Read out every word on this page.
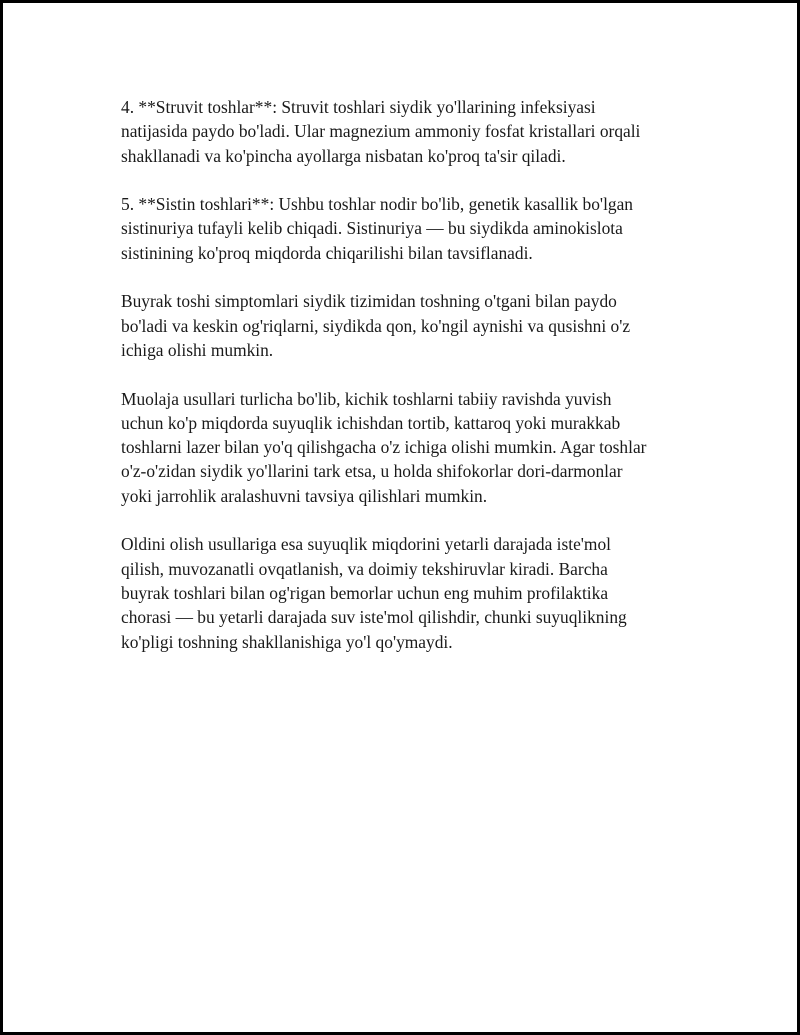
4. **Struvit toshlar**: Struvit toshlari siydik yo'llarining infeksiyasi
natijasida paydo bo'ladi. Ular magnezium ammoniy fosfat kristallari orqali
shakllanadi va ko'pincha ayollarga nisbatan ko'proq ta'sir qiladi.

5. **Sistin toshlari**: Ushbu toshlar nodir bo'lib, genetik kasallik bo'lgan
sistinuriya tufayli kelib chiqadi. Sistinuriya — bu siydikda aminokislota
sistinining ko'proq miqdorda chiqarilishi bilan tavsiflanadi.

Buyrak toshi simptomlari siydik tizimidan toshning o'tgani bilan paydo
bo'ladi va keskin og'riqlarni, siydikda qon, ko'ngil aynishi va qusishni o'z
ichiga olishi mumkin.

Muolaja usullari turlicha bo'lib, kichik toshlarni tabiiy ravishda yuvish
uchun ko'p miqdorda suyuqlik ichishdan tortib, kattaroq yoki murakkab
toshlarni lazer bilan yo'q qilishgacha o'z ichiga olishi mumkin. Agar toshlar
o'z-o'zidan siydik yo'llarini tark etsa, u holda shifokorlar dori-darmonlar
yoki jarrohlik aralashuvni tavsiya qilishlari mumkin.

Oldini olish usullariga esa suyuqlik miqdorini yetarli darajada iste'mol
qilish, muvozanatli ovqatlanish, va doimiy tekshiruvlar kiradi. Barcha
buyrak toshlari bilan og'rigan bemorlar uchun eng muhim profilaktika
chorasi — bu yetarli darajada suv iste'mol qilishdir, chunki suyuqlikning
ko'pligi toshning shakllanishiga yo'l qo'ymaydi.
